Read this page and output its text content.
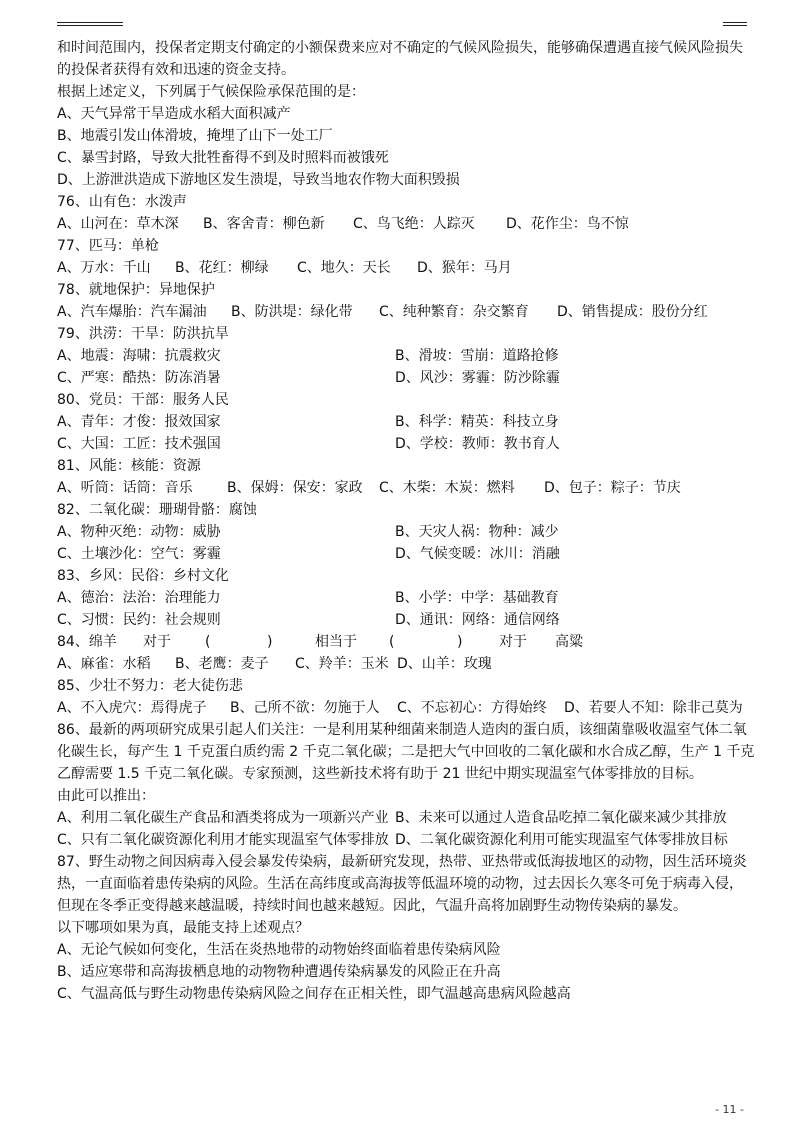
和时间范围内，投保者定期支付确定的小额保费来应对不确定的气候风险损失，能够确保遭遇直接气候风险损失
的投保者获得有效和迅速的资金支持。
根据上述定义，下列属于气候保险承保范围的是：
A、天气异常干旱造成水稻大面积减产
B、地震引发山体滑坡，掩埋了山下一处工厂
C、暴雪封路，导致大批牲畜得不到及时照料而被饿死
D、上游泄洪造成下游地区发生溃堤，导致当地农作物大面积毁损
76、山有色：水泼声
A、山河在：草木深	B、客舍青：柳色新	C、鸟飞绝：人踪灭	D、花作尘：鸟不惊
77、匹马：单枪
A、万水：千山	B、花红：柳绿	C、地久：天长	D、猴年：马月
78、就地保护：异地保护
A、汽车爆胎：汽车漏油	B、防洪堤：绿化带	C、纯种繁育：杂交繁育	D、销售提成：股份分红
79、洪涝：干旱：防洪抗旱
A、地震：海啸：抗震救灾	B、滑坡：雪崩：道路抢修
C、严寒：酷热：防冻消暑	D、风沙：雾霾：防沙除霾
80、党员：干部：服务人民
A、青年：才俊：报效国家	B、科学：精英：科技立身
C、大国：工匠：技术强国	D、学校：教师：教书育人
81、风能：核能：资源
A、听筒：话筒：音乐	B、保姆：保安：家政	C、木柴：木炭：燃料	D、包子：粽子：节庆
82、二氧化碳：珊瑚骨骼：腐蚀
A、物种灭绝：动物：威胁	B、天灾人祸：物种：减少
C、土壤沙化：空气：雾霾	D、气候变暖：冰川：消融
83、乡风：民俗：乡村文化
A、德治：法治：治理能力	B、小学：中学：基础教育
C、习惯：民约：社会规则	D、通讯：网络：通信网络
84、绵羊	对于	(	)	相当于	(	)	对于	高粱
A、麻雀：水稻	B、老鹰：麦子	C、羚羊：玉米 D、山羊：玫瑰
85、少壮不努力：老大徒伤悲
A、不入虎穴：焉得虎子	B、己所不欲：勿施于人	C、不忘初心：方得始终	D、若要人不知：除非己莫为
86、最新的两项研究成果引起人们关注：一是利用某种细菌来制造人造肉的蛋白质，该细菌靠吸收温室气体二氧
化碳生长，每产生 1 千克蛋白质约需 2 千克二氧化碳；二是把大气中回收的二氧化碳和水合成乙醇，生产 1 千克
乙醇需要 1.5 千克二氧化碳。专家预测，这些新技术将有助于 21 世纪中期实现温室气体零排放的目标。
由此可以推出：
A、利用二氧化碳生产食品和酒类将成为一项新兴产业 B、未来可以通过人造食品吃掉二氧化碳来减少其排放
C、只有二氧化碳资源化利用才能实现温室气体零排放 D、二氧化碳资源化利用可能实现温室气体零排放目标
87、野生动物之间因病毒入侵会暴发传染病，最新研究发现，热带、亚热带或低海拔地区的动物，因生活环境炎
热，一直面临着患传染病的风险。生活在高纬度或高海拔等低温环境的动物，过去因长久寒冬可免于病毒入侵，
但现在冬季正变得越来越温暖，持续时间也越来越短。因此，气温升高将加剧野生动物传染病的暴发。
以下哪项如果为真，最能支持上述观点？
A、无论气候如何变化，生活在炎热地带的动物始终面临着患传染病风险
B、适应寒带和高海拔栖息地的动物物种遭遇传染病暴发的风险正在升高
C、气温高低与野生动物患传染病风险之间存在正相关性，即气温越高患病风险越高
- 11 -
